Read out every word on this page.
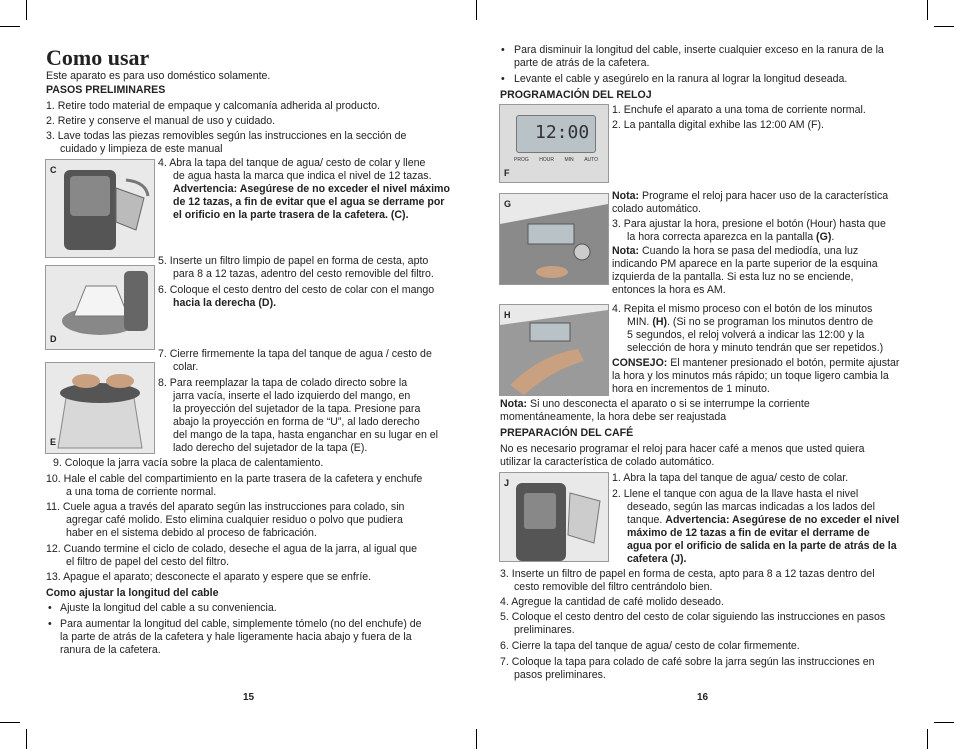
Como usar
Este aparato es para uso doméstico solamente.
PASOS PRELIMINARES
1. Retire todo material de empaque y calcomanía adherida al producto.
2. Retire y conserve el manual de uso y cuidado.
3. Lave todas las piezas removibles según las instrucciones en la sección de
cuidado y limpieza de este manual
C
4. Abra la tapa del tanque de agua/ cesto de colar y llene
de agua hasta la marca que indica el nivel de 12 tazas.
Advertencia: Asegúrese de no exceder el nivel máximo
de 12 tazas, a fin de evitar que el agua se derrame por
el orificio en la parte trasera de la cafetera. (C).
D
5. Inserte un filtro limpio de papel en forma de cesta, apto
para 8 a 12 tazas, adentro del cesto removible del filtro.
6. Coloque el cesto dentro del cesto de colar con el mango
hacia la derecha (D).
E
7. Cierre firmemente la tapa del tanque de agua / cesto de
colar.
8. Para reemplazar la tapa de colado directo sobre la
jarra vacía, inserte el lado izquierdo del mango, en
la proyección del sujetador de la tapa. Presione para
abajo la proyección en forma de “U”, al lado derecho
del mango de la tapa, hasta enganchar en su lugar en el
lado derecho del sujetador de la tapa (E).
9. Coloque la jarra vacía sobre la placa de calentamiento.
10. Hale el cable del compartimiento en la parte trasera de la cafetera y enchufe
a una toma de corriente normal.
11. Cuele agua a través del aparato según las instrucciones para colado, sin
agregar café molido. Esto elimina cualquier residuo o polvo que pudiera
haber en el sistema debido al proceso de fabricación.
12. Cuando termine el ciclo de colado, deseche el agua de la jarra, al igual que
el filtro de papel del cesto del filtro.
13. Apague el aparato; desconecte el aparato y espere que se enfríe.
Como ajustar la longitud del cable
• Ajuste la longitud del cable a su conveniencia.
• Para aumentar la longitud del cable, simplemente tómelo (no del enchufe) de
la parte de atrás de la cafetera y hale ligeramente hacia abajo y fuera de la
ranura de la cafetera.
15
• Para disminuir la longitud del cable, inserte cualquier exceso en la ranura de la
parte de atrás de la cafetera.
• Levante el cable y asegúrelo en la ranura al lograr la longitud deseada.
PROGRAMACIÓN DEL RELOJ
12:00
PROG HOUR MIN AUTO
F
1. Enchufe el aparato a una toma de corriente normal.
2. La pantalla digital exhibe las 12:00 AM (F).
G
Nota: Programe el reloj para hacer uso de la característica
colado automático.
3. Para ajustar la hora, presione el botón (Hour) hasta que
la hora correcta aparezca en la pantalla (G).
Nota: Cuando la hora se pasa del mediodía, una luz
indicando PM aparece en la parte superior de la esquina
izquierda de la pantalla. Si esta luz no se enciende,
entonces la hora es AM.
H	4. Repita el mismo proceso con el botón de los minutos
MIN. (H). (Si no se programan los minutos dentro de
5 segundos, el reloj volverá a indicar las 12:00 y la
selección de hora y minuto tendrán que ser repetidos.)
CONSEJO: El mantener presionado el botón, permite ajustar
la hora y los minutos más rápido; un toque ligero cambia la
hora en incrementos de 1 minuto.
Nota: Si uno desconecta el aparato o si se interrumpe la corriente
momentáneamente, la hora debe ser reajustada
PREPARACIÓN DEL CAFÉ
No es necesario programar el reloj para hacer café a menos que usted quiera
utilizar la característica de colado automático.
J	1. Abra la tapa del tanque de agua/ cesto de colar.
2. Llene el tanque con agua de la llave hasta el nivel
deseado, según las marcas indicadas a los lados del
tanque. Advertencia: Asegúrese de no exceder el nivel
máximo de 12 tazas a fin de evitar el derrame de
agua por el orificio de salida en la parte de atrás de la
cafetera (J).
3. Inserte un filtro de papel en forma de cesta, apto para 8 a 12 tazas dentro del
cesto removible del filtro centrándolo bien.
4. Agregue la cantidad de café molido deseado.
5. Coloque el cesto dentro del cesto de colar siguiendo las instrucciones en pasos
preliminares.
6. Cierre la tapa del tanque de agua/ cesto de colar firmemente.
7. Coloque la tapa para colado de café sobre la jarra según las instrucciones en
pasos preliminares.
16
